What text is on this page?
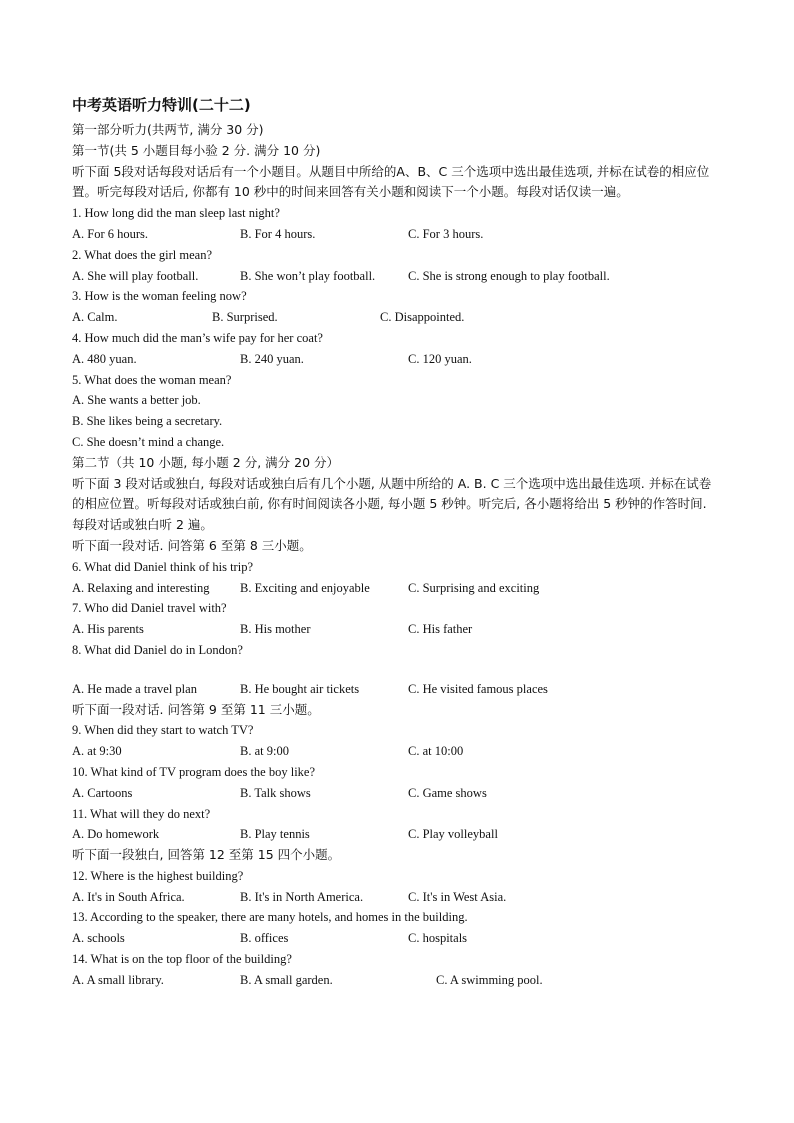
中考英语听力特训(二十二)
第一部分听力(共两节, 满分 30 分)
第一节(共 5 小题目每小验 2 分. 满分 10 分)
听下面 5段对话每段对话后有一个小题目。从题目中所给的A、B、C 三个选项中选出最佳选项, 并标在试卷的相应位置。听完每段对话后, 你都有 10 秒中的时间来回答有关小题和阅读下一个小题。每段对话仅读一遍。
1. How long did the man sleep last night?
A. For 6 hours.	B. For 4 hours.	C. For 3 hours.
2. What does the girl mean?
A. She will play football.	B. She won’t play football.	C. She is strong enough to play football.
3. How is the woman feeling now?
A. Calm.	B. Surprised.	C. Disappointed.
4. How much did the man’s wife pay for her coat?
A. 480 yuan.	B. 240 yuan.	C. 120 yuan.
5. What does the woman mean?
A. She wants a better job.
B. She likes being a secretary.
C. She doesn’t mind a change.
第二节（共 10 小题, 每小题 2 分, 满分 20 分）
听下面 3 段对话或独白, 每段对话或独白后有几个小题, 从题中所给的 A. B. C 三个选项中选出最佳选项. 并标在试卷的相应位置。听每段对话或独白前, 你有时间阅读各小题, 每小题 5 秒钟。听完后, 各小题将给出 5 秒钟的作答时间. 每段对话或独白听 2 遍。
听下面一段对话. 问答第 6 至第 8 三小题。
6. What did Daniel think of his trip?
A. Relaxing and interesting B. Exciting and enjoyable	C. Surprising and exciting
7. Who did Daniel travel with?
A. His parents	B. His mother	C. His father
8. What did Daniel do in London?
A. He made a travel plan	B. He bought air tickets	C. He visited famous places
听下面一段对话. 问答第 9 至第 11 三小题。
9. When did they start to watch TV?
A. at 9:30	B. at 9:00	C. at 10:00
10. What kind of TV program does the boy like?
A. Cartoons	B. Talk shows	C. Game shows
11. What will they do next?
A. Do homework	B. Play tennis	C. Play volleyball
听下面一段独白, 回答第 12 至第 15 四个小题。
12. Where is the highest building?
A. It's in South Africa.	B. It's in North America.	C. It's in West Asia.
13. According to the speaker, there are many hotels, and homes in the building.
A. schools	B. offices	C. hospitals
14. What is on the top floor of the building?
A. A small library.	B. A small garden.	C. A swimming pool.
